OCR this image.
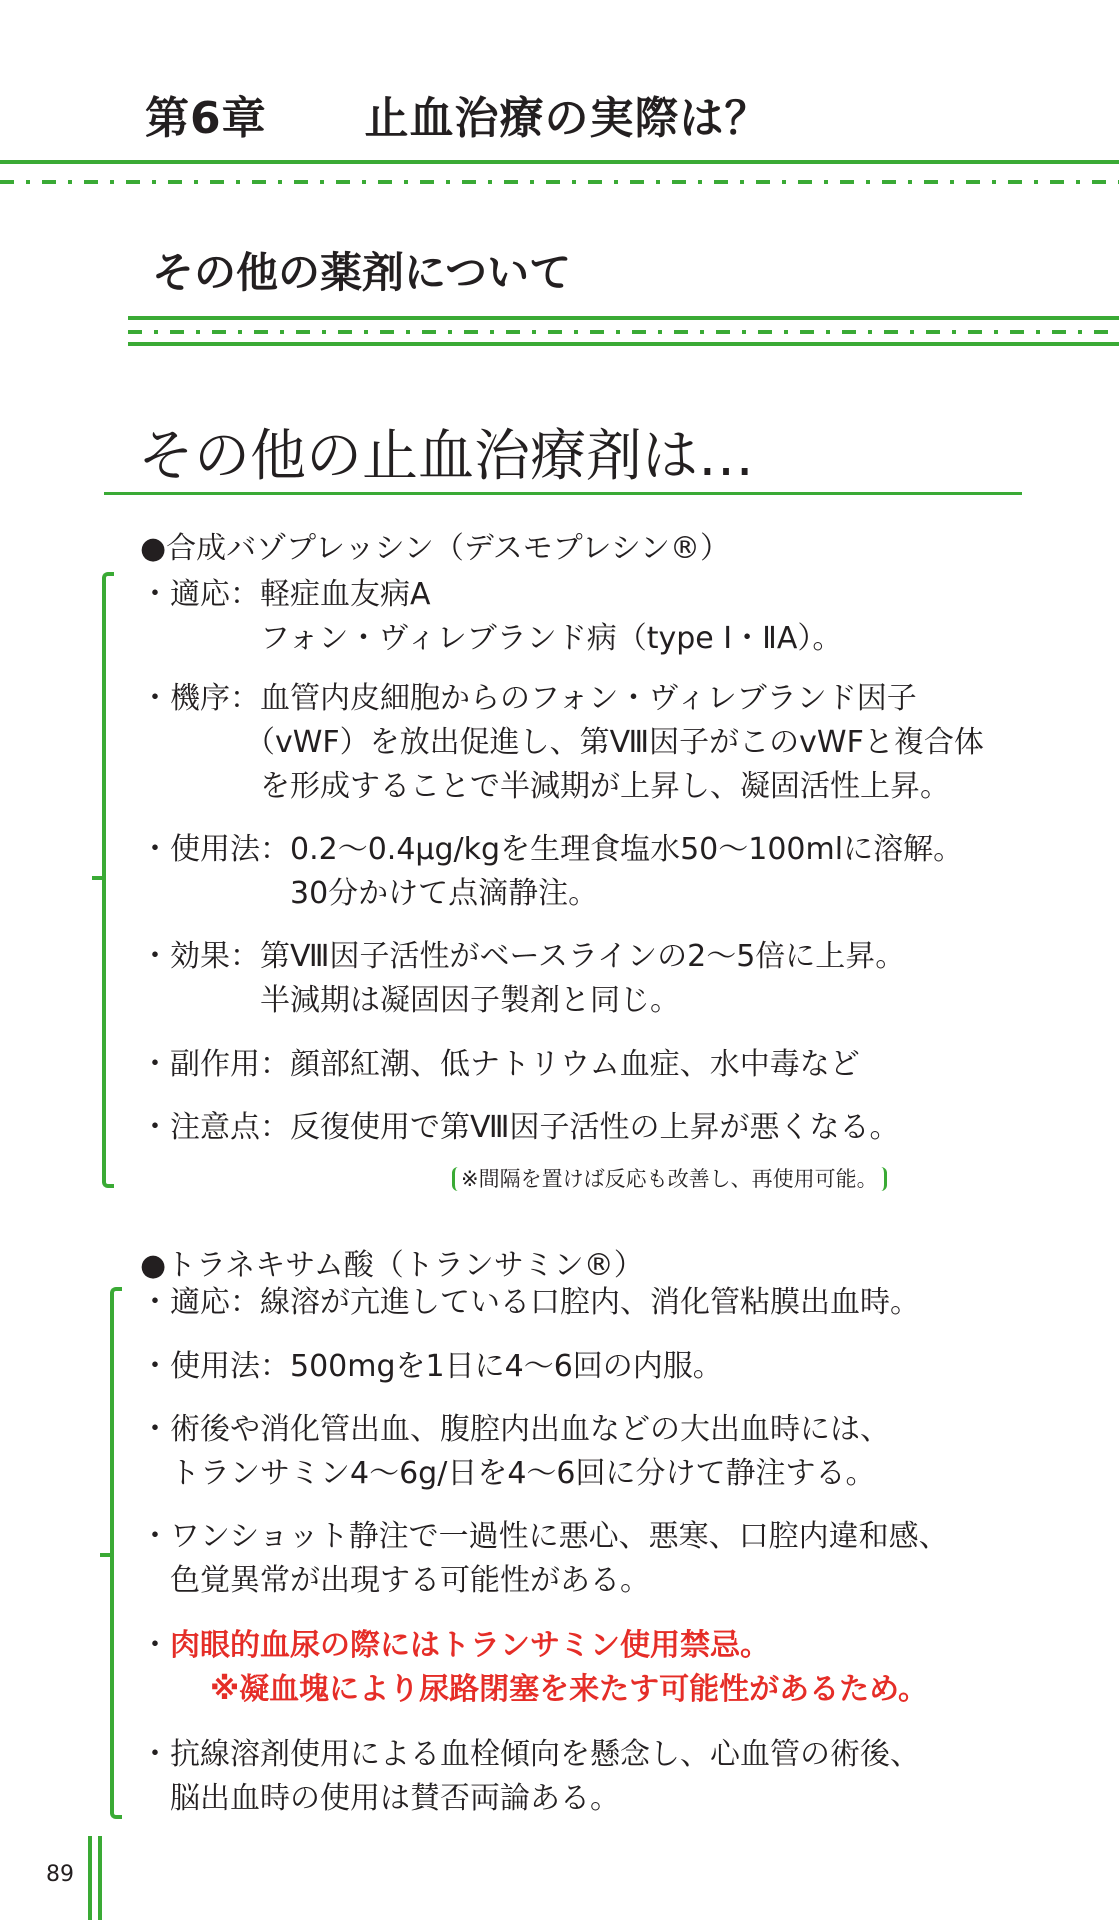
第6章 止血治療の実際は？
その他の薬剤について
その他の止血治療剤は…
●合成バゾプレッシン（デスモプレシン®）
・適応：軽症血友病A
　　　　フォン・ヴィレブランド病（type Ⅰ・ⅡA）。
・機序：血管内皮細胞からのフォン・ヴィレブランド因子
　　　　（vWF）を放出促進し、第Ⅷ因子がこのvWFと複合体
　　　　を形成することで半減期が上昇し、凝固活性上昇。
・使用法：0.2～0.4μg/kgを生理食塩水50～100mlに溶解。
　　　　　30分かけて点滴静注。
・効果：第Ⅷ因子活性がベースラインの2～5倍に上昇。
　　　　半減期は凝固因子製剤と同じ。
・副作用：顔部紅潮、低ナトリウム血症、水中毒など
・注意点：反復使用で第Ⅷ因子活性の上昇が悪くなる。
※間隔を置けば反応も改善し、再使用可能。
●トラネキサム酸（トランサミン®）
・適応：線溶が亢進している口腔内、消化管粘膜出血時。
・使用法：500mgを1日に4～6回の内服。
・術後や消化管出血、腹腔内出血などの大出血時には、
　トランサミン4～6g/日を4～6回に分けて静注する。
・ワンショット静注で一過性に悪心、悪寒、口腔内違和感、
　色覚異常が出現する可能性がある。
・肉眼的血尿の際にはトランサミン使用禁忌。
※凝血塊により尿路閉塞を来たす可能性があるため。
・抗線溶剤使用による血栓傾向を懸念し、心血管の術後、
　脳出血時の使用は賛否両論ある。
89
